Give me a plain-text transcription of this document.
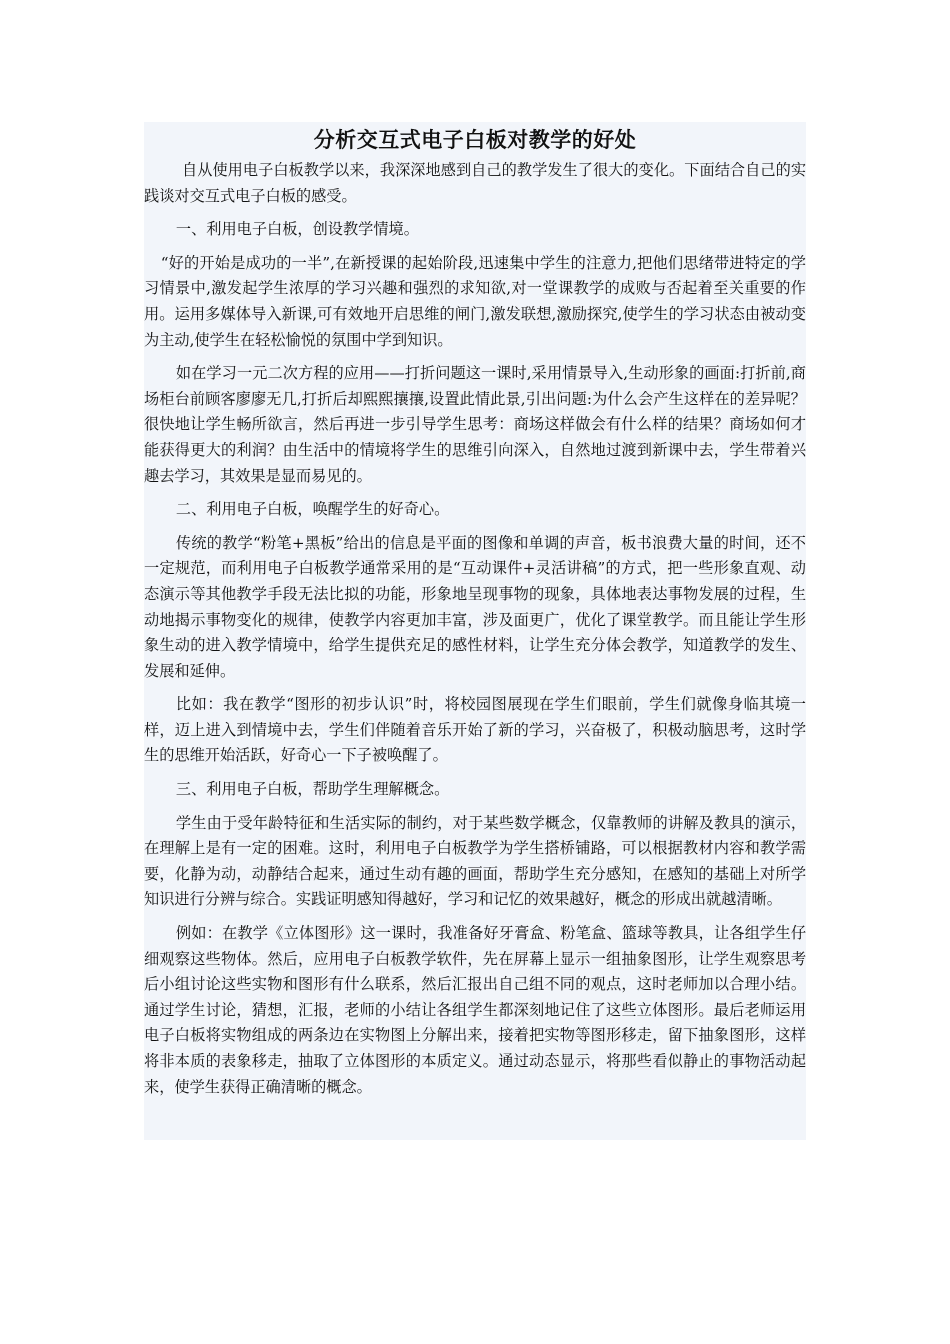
分析交互式电子白板对教学的好处

自从使用电子白板教学以来，我深深地感到自己的教学发生了很大的变化。下面结合自己的实践谈对交互式电子白板的感受。

一、利用电子白板，创设教学情境。

“好的开始是成功的一半”,在新授课的起始阶段,迅速集中学生的注意力,把他们思绪带进特定的学习情景中,激发起学生浓厚的学习兴趣和强烈的求知欲,对一堂课教学的成败与否起着至关重要的作用。运用多媒体导入新课,可有效地开启思维的闸门,激发联想,激励探究,使学生的学习状态由被动变为主动,使学生在轻松愉悦的氛围中学到知识。

如在学习一元二次方程的应用——打折问题这一课时,采用情景导入,生动形象的画面:打折前,商场柜台前顾客廖廖无几,打折后却熙熙攘攘,设置此情此景,引出问题:为什么会产生这样在的差异呢？很快地让学生畅所欲言，然后再进一步引导学生思考：商场这样做会有什么样的结果？商场如何才能获得更大的利润？由生活中的情境将学生的思维引向深入，自然地过渡到新课中去，学生带着兴趣去学习，其效果是显而易见的。

二、利用电子白板，唤醒学生的好奇心。

传统的教学“粉笔+黑板”给出的信息是平面的图像和单调的声音，板书浪费大量的时间，还不一定规范，而利用电子白板教学通常采用的是“互动课件+灵活讲稿”的方式，把一些形象直观、动态演示等其他教学手段无法比拟的功能，形象地呈现事物的现象，具体地表达事物发展的过程，生动地揭示事物变化的规律，使教学内容更加丰富，涉及面更广，优化了课堂教学。而且能让学生形象生动的进入教学情境中，给学生提供充足的感性材料，让学生充分体会教学，知道教学的发生、发展和延伸。

比如：我在教学“图形的初步认识”时，将校园图展现在学生们眼前，学生们就像身临其境一样，迈上进入到情境中去，学生们伴随着音乐开始了新的学习，兴奋极了，积极动脑思考，这时学生的思维开始活跃，好奇心一下子被唤醒了。

三、利用电子白板，帮助学生理解概念。

学生由于受年龄特征和生活实际的制约，对于某些数学概念，仅靠教师的讲解及教具的演示，在理解上是有一定的困难。这时，利用电子白板教学为学生搭桥铺路，可以根据教材内容和教学需要，化静为动，动静结合起来，通过生动有趣的画面，帮助学生充分感知，在感知的基础上对所学知识进行分辨与综合。实践证明感知得越好，学习和记忆的效果越好，概念的形成出就越清晰。

例如：在教学《立体图形》这一课时，我准备好牙膏盒、粉笔盒、篮球等教具，让各组学生仔细观察这些物体。然后，应用电子白板教学软件，先在屏幕上显示一组抽象图形，让学生观察思考后小组讨论这些实物和图形有什么联系，然后汇报出自己组不同的观点，这时老师加以合理小结。通过学生讨论，猜想，汇报，老师的小结让各组学生都深刻地记住了这些立体图形。最后老师运用电子白板将实物组成的两条边在实物图上分解出来，接着把实物等图形移走，留下抽象图形，这样将非本质的表象移走，抽取了立体图形的本质定义。通过动态显示，将那些看似静止的事物活动起来，使学生获得正确清晰的概念。
